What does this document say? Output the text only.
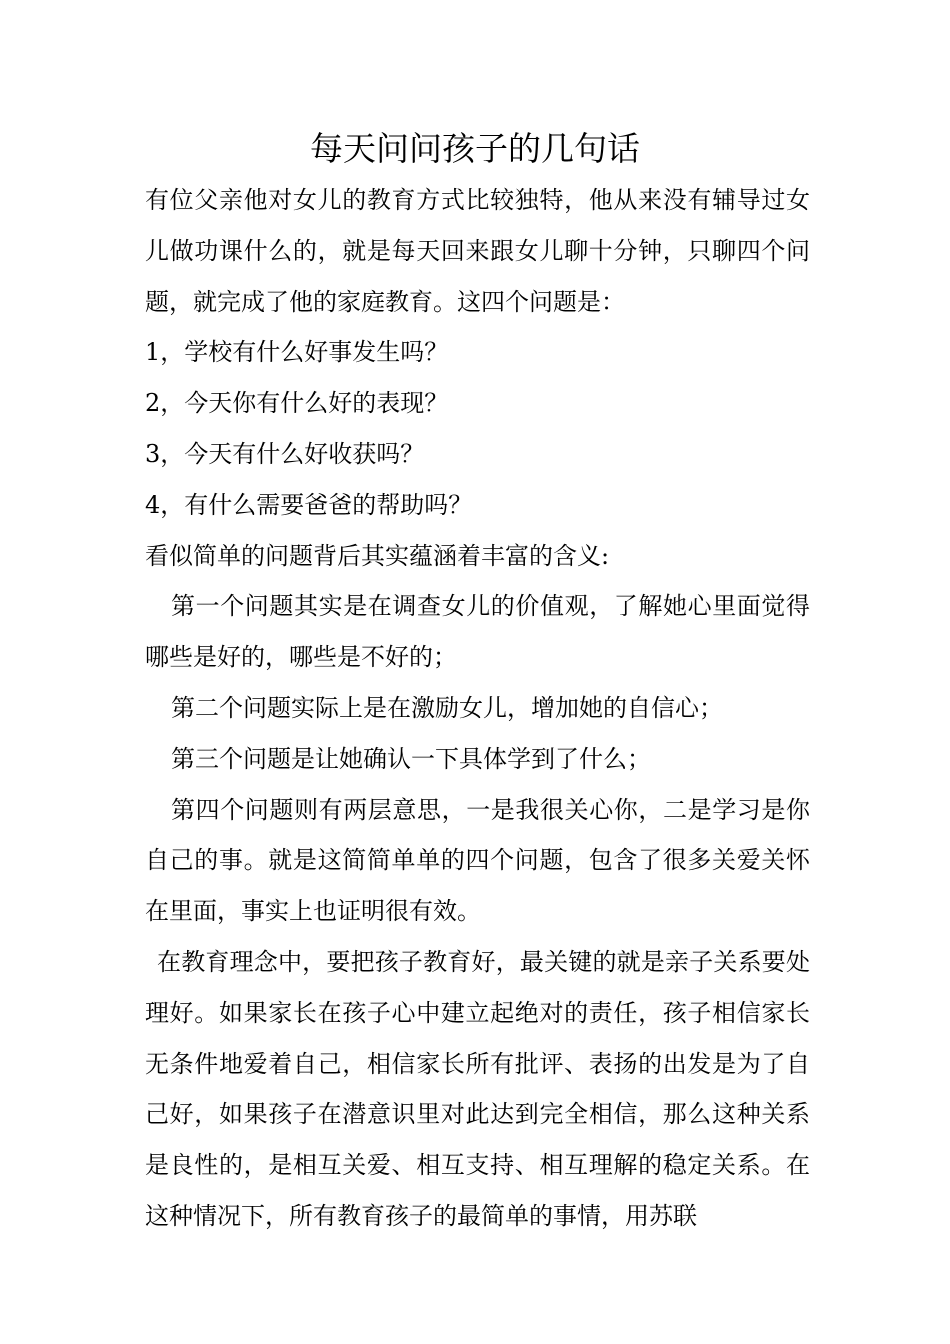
每天问问孩子的几句话

有位父亲他对女儿的教育方式比较独特，他从来没有辅导过女儿做功课什么的，就是每天回来跟女儿聊十分钟，只聊四个问题，就完成了他的家庭教育。这四个问题是：

1，学校有什么好事发生吗？

2，今天你有什么好的表现？

3，今天有什么好收获吗？

4，有什么需要爸爸的帮助吗？

看似简单的问题背后其实蕴涵着丰富的含义:

第一个问题其实是在调查女儿的价值观，了解她心里面觉得哪些是好的，哪些是不好的；

第二个问题实际上是在激励女儿，增加她的自信心；

第三个问题是让她确认一下具体学到了什么；

第四个问题则有两层意思，一是我很关心你，二是学习是你自己的事。就是这简简单单的四个问题，包含了很多关爱关怀在里面，事实上也证明很有效。

在教育理念中，要把孩子教育好，最关键的就是亲子关系要处理好。如果家长在孩子心中建立起绝对的责任，孩子相信家长无条件地爱着自己，相信家长所有批评、表扬的出发是为了自己好，如果孩子在潜意识里对此达到完全相信，那么这种关系是良性的，是相互关爱、相互支持、相互理解的稳定关系。在这种情况下，所有教育孩子的最简单的事情，用苏联
